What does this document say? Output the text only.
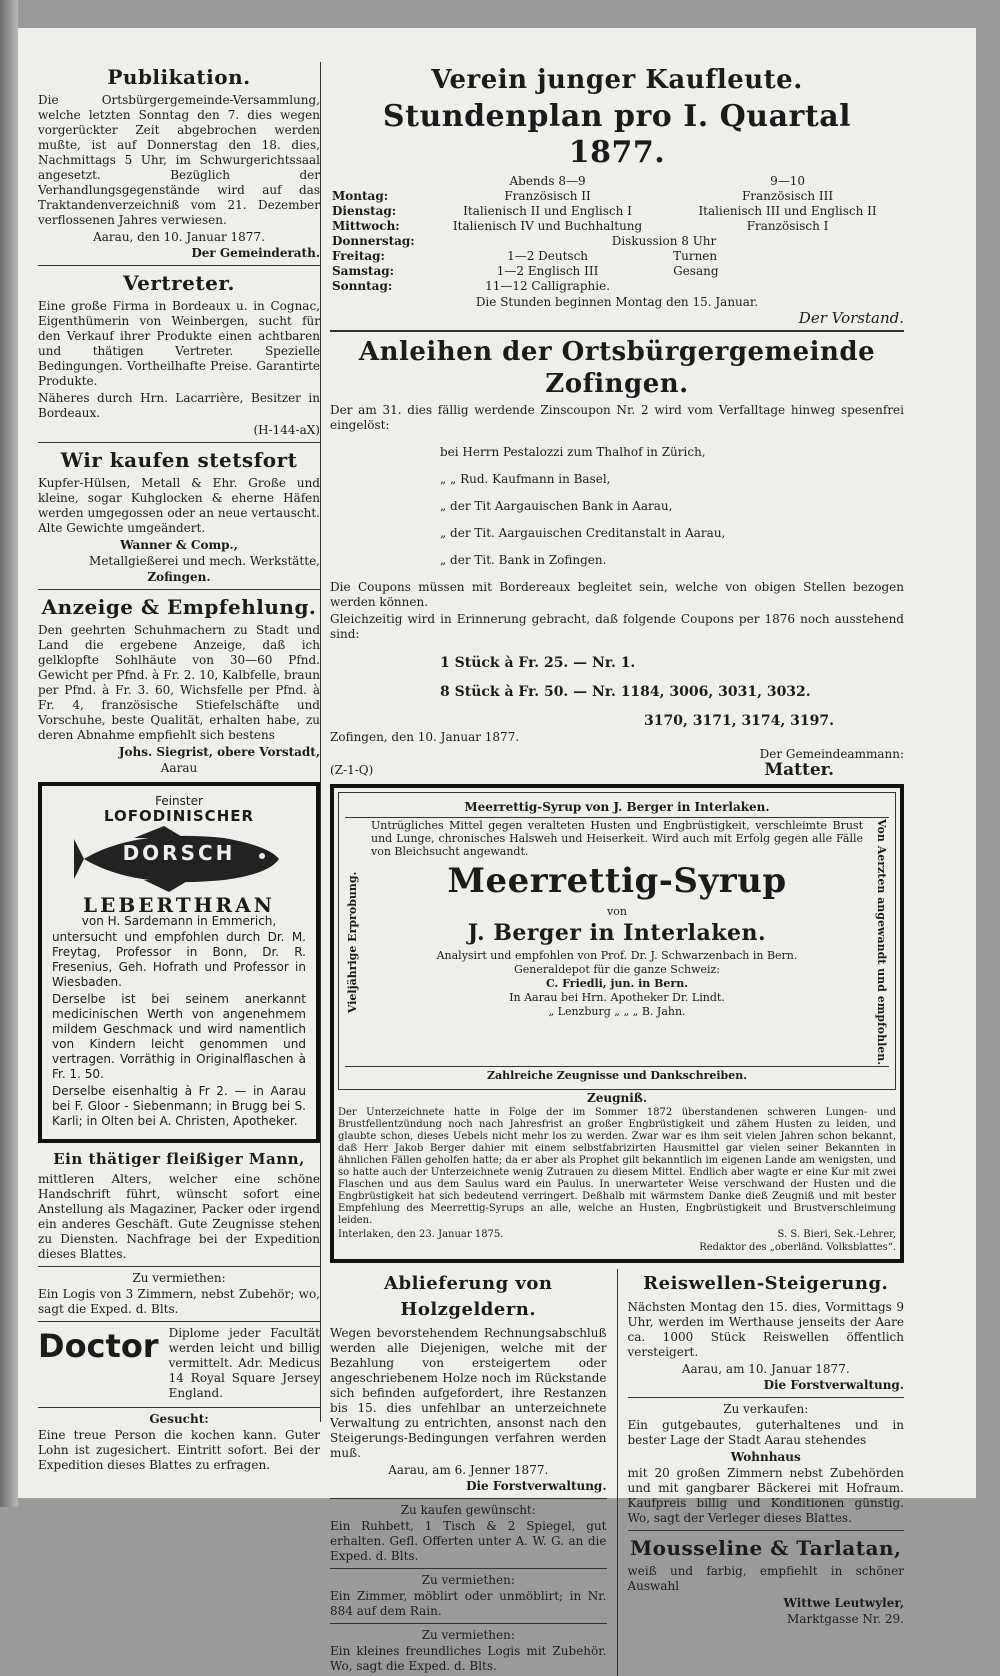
Publikation.

Die Ortsbürgergemeinde-Versammlung, welche letzten Sonntag den 7. dies wegen vorgerückter Zeit abgebrochen werden mußte, ist auf Donnerstag den 18. dies, Nachmittags 5 Uhr, im Schwurgerichtssaal angesetzt. Bezüglich der Verhandlungsgegenstände wird auf das Traktandenverzeichniß vom 21. Dezember verflossenen Jahres verwiesen.

Aarau, den 10. Januar 1877.

Der Gemeinderath.

Vertreter.

Eine große Firma in Bordeaux u. in Cognac, Eigenthümerin von Weinbergen, sucht für den Verkauf ihrer Produkte einen achtbaren und thätigen Vertreter. Spezielle Bedingungen. Vortheilhafte Preise. Garantirte Produkte.

Näheres durch Hrn. Lacarrière, Besitzer in Bordeaux.

(H-144-aX)

Wir kaufen stetsfort

Kupfer-Hülsen, Metall & Ehr. Große und kleine, sogar Kuhglocken & eherne Häfen werden umgegossen oder an neue vertauscht. Alte Gewichte umgeändert.

Wanner & Comp.,

Metallgießerei und mech. Werkstätte,

Zofingen.

Anzeige & Empfehlung.

Den geehrten Schuhmachern zu Stadt und Land die ergebene Anzeige, daß ich gelklopfte Sohlhäute von 30—60 Pfnd. Gewicht per Pfnd. à Fr. 2. 10, Kalbfelle, braun per Pfnd. à Fr. 3. 60, Wichsfelle per Pfnd. à Fr. 4, französische Stiefelschäfte und Vorschuhe, beste Qualität, erhalten habe, zu deren Abnahme empfiehlt sich bestens

Johs. Siegrist, obere Vorstadt,

Aarau

Feinster
LOFODINISCHER
DORSCH
LEBERTHRAN

von H. Sardemann in Emmerich,

untersucht und empfohlen durch Dr. M. Freytag, Professor in Bonn, Dr. R. Fresenius, Geh. Hofrath und Professor in Wiesbaden.

Derselbe ist bei seinem anerkannt medicinischen Werth von angenehmem mildem Geschmack und wird namentlich von Kindern leicht genommen und vertragen. Vorräthig in Originalflaschen à Fr. 1. 50.

Derselbe eisenhaltig à Fr 2. — in Aarau bei F. Gloor - Siebenmann; in Brugg bei S. Karli; in Olten bei A. Christen, Apotheker.

Ein thätiger fleißiger Mann,

mittleren Alters, welcher eine schöne Handschrift führt, wünscht sofort eine Anstellung als Magaziner, Packer oder irgend ein anderes Geschäft. Gute Zeugnisse stehen zu Diensten. Nachfrage bei der Expedition dieses Blattes.

Zu vermiethen:

Ein Logis von 3 Zimmern, nebst Zubehör; wo, sagt die Exped. d. Blts.

Doctor Diplome jeder Facultät werden leicht und billig vermittelt. Adr. Medicus 14 Royal Square Jersey England.

Gesucht:

Eine treue Person die kochen kann. Guter Lohn ist zugesichert. Eintritt sofort. Bei der Expedition dieses Blattes zu erfragen.

Verein junger Kaufleute.
Stundenplan pro I. Quartal 1877.
	Abends 8—9	9—10
Montag:	Französisch II	Französisch III
Dienstag:	Italienisch II und Englisch I	Italienisch III und Englisch II
Mittwoch:	Italienisch IV und Buchhaltung	Französisch I
Donnerstag:	Diskussion 8 Uhr	
Freitag:	1—2 Deutsch	Turnen
Samstag:	1—2 Englisch III	Gesang
Sonntag:	11—12 Calligraphie.	

Die Stunden beginnen Montag den 15. Januar.

Der Vorstand.

Anleihen der Ortsbürgergemeinde Zofingen.

Der am 31. dies fällig werdende Zinscoupon Nr. 2 wird vom Verfalltage hinweg spesenfrei eingelöst:

bei Herrn Pestalozzi zum Thalhof in Zürich,

„ „ Rud. Kaufmann in Basel,

„ der Tit Aargauischen Bank in Aarau,

„ der Tit. Aargauischen Creditanstalt in Aarau,

„ der Tit. Bank in Zofingen.

Die Coupons müssen mit Bordereaux begleitet sein, welche von obigen Stellen bezogen werden können.

Gleichzeitig wird in Erinnerung gebracht, daß folgende Coupons per 1876 noch ausstehend sind:

1 Stück à Fr. 25. — Nr. 1.

8 Stück à Fr. 50. — Nr. 1184, 3006, 3031, 3032.

3170, 3171, 3174, 3197.

Zofingen, den 10. Januar 1877.

Der Gemeindeammann:

(Z-1-Q)	Matter.

Meerrettig-Syrup von J. Berger in Interlaken.

Vieljährige Erprobung.

Untrügliches Mittel gegen veralteten Husten und Engbrüstigkeit, verschleimte Brust und Lunge, chronisches Halsweh und Heiserkeit. Wird auch mit Erfolg gegen alle Fälle von Bleichsucht angewandt.

Meerrettig-Syrup

von

J. Berger in Interlaken.

Analysirt und empfohlen von Prof. Dr. J. Schwarzenbach in Bern.

Generaldepot für die ganze Schweiz:

C. Friedli, jun. in Bern.

In Aarau bei Hrn. Apotheker Dr. Lindt.

„ Lenzburg „ „ „ B. Jahn.	Von Aerzten angewandt und empfohlen.

Zahlreiche Zeugnisse und Dankschreiben.

Zeugniß.

Der Unterzeichnete hatte in Folge der im Sommer 1872 überstandenen schweren Lungen- und Brustfellentzündung noch nach Jahresfrist an großer Engbrüstigkeit und zähem Husten zu leiden, und glaubte schon, dieses Uebels nicht mehr los zu werden. Zwar war es ihm seit vielen Jahren schon bekannt, daß Herr Jakob Berger dahier mit einem selbstfabrizirten Hausmittel gar vielen seiner Bekannten in ähnlichen Fällen geholfen hatte; da er aber als Prophet gilt bekanntlich im eigenen Lande am wenigsten, und so hatte auch der Unterzeichnete wenig Zutrauen zu diesem Mittel. Endlich aber wagte er eine Kur mit zwei Flaschen und aus dem Saulus ward ein Paulus. In unerwarteter Weise verschwand der Husten und die Engbrüstigkeit hat sich bedeutend verringert. Deßhalb mit wärmstem Danke dieß Zeugniß und mit bester Empfehlung des Meerrettig-Syrups an alle, welche an Husten, Engbrüstigkeit und Brustverschleimung leiden.

Interlaken, den 23. Januar 1875.	S. S. Bieri, Sek.-Lehrer,

Redaktor des „oberländ. Volksblattes“.

Ablieferung von Holzgeldern.

Wegen bevorstehendem Rechnungsabschluß werden alle Diejenigen, welche mit der Bezahlung von ersteigertem oder angeschriebenem Holze noch im Rückstande sich befinden aufgefordert, ihre Restanzen bis 15. dies unfehlbar an unterzeichnete Verwaltung zu entrichten, ansonst nach den Steigerungs-Bedingungen verfahren werden muß.

Aarau, am 6. Jenner 1877.

Die Forstverwaltung.

Zu kaufen gewünscht:

Ein Ruhbett, 1 Tisch & 2 Spiegel, gut erhalten. Gefl. Offerten unter A. W. G. an die Exped. d. Blts.

Zu vermiethen:

Ein Zimmer, möblirt oder unmöblirt; in Nr. 884 auf dem Rain.

Zu vermiethen:

Ein kleines freundliches Logis mit Zubehör. Wo, sagt die Exped. d. Blts.

Reiswellen-Steigerung.

Nächsten Montag den 15. dies, Vormittags 9 Uhr, werden im Werthause jenseits der Aare ca. 1000 Stück Reiswellen öffentlich versteigert.

Aarau, am 10. Januar 1877.

Die Forstverwaltung.

Zu verkaufen:

Ein gutgebautes, guterhaltenes und in bester Lage der Stadt Aarau stehendes

Wohnhaus

mit 20 großen Zimmern nebst Zubehörden und mit gangbarer Bäckerei mit Hofraum. Kaufpreis billig und Konditionen günstig. Wo, sagt der Verleger dieses Blattes.

Mousseline & Tarlatan,

weiß und farbig, empfiehlt in schöner Auswahl

Wittwe Leutwyler,

Marktgasse Nr. 29.
